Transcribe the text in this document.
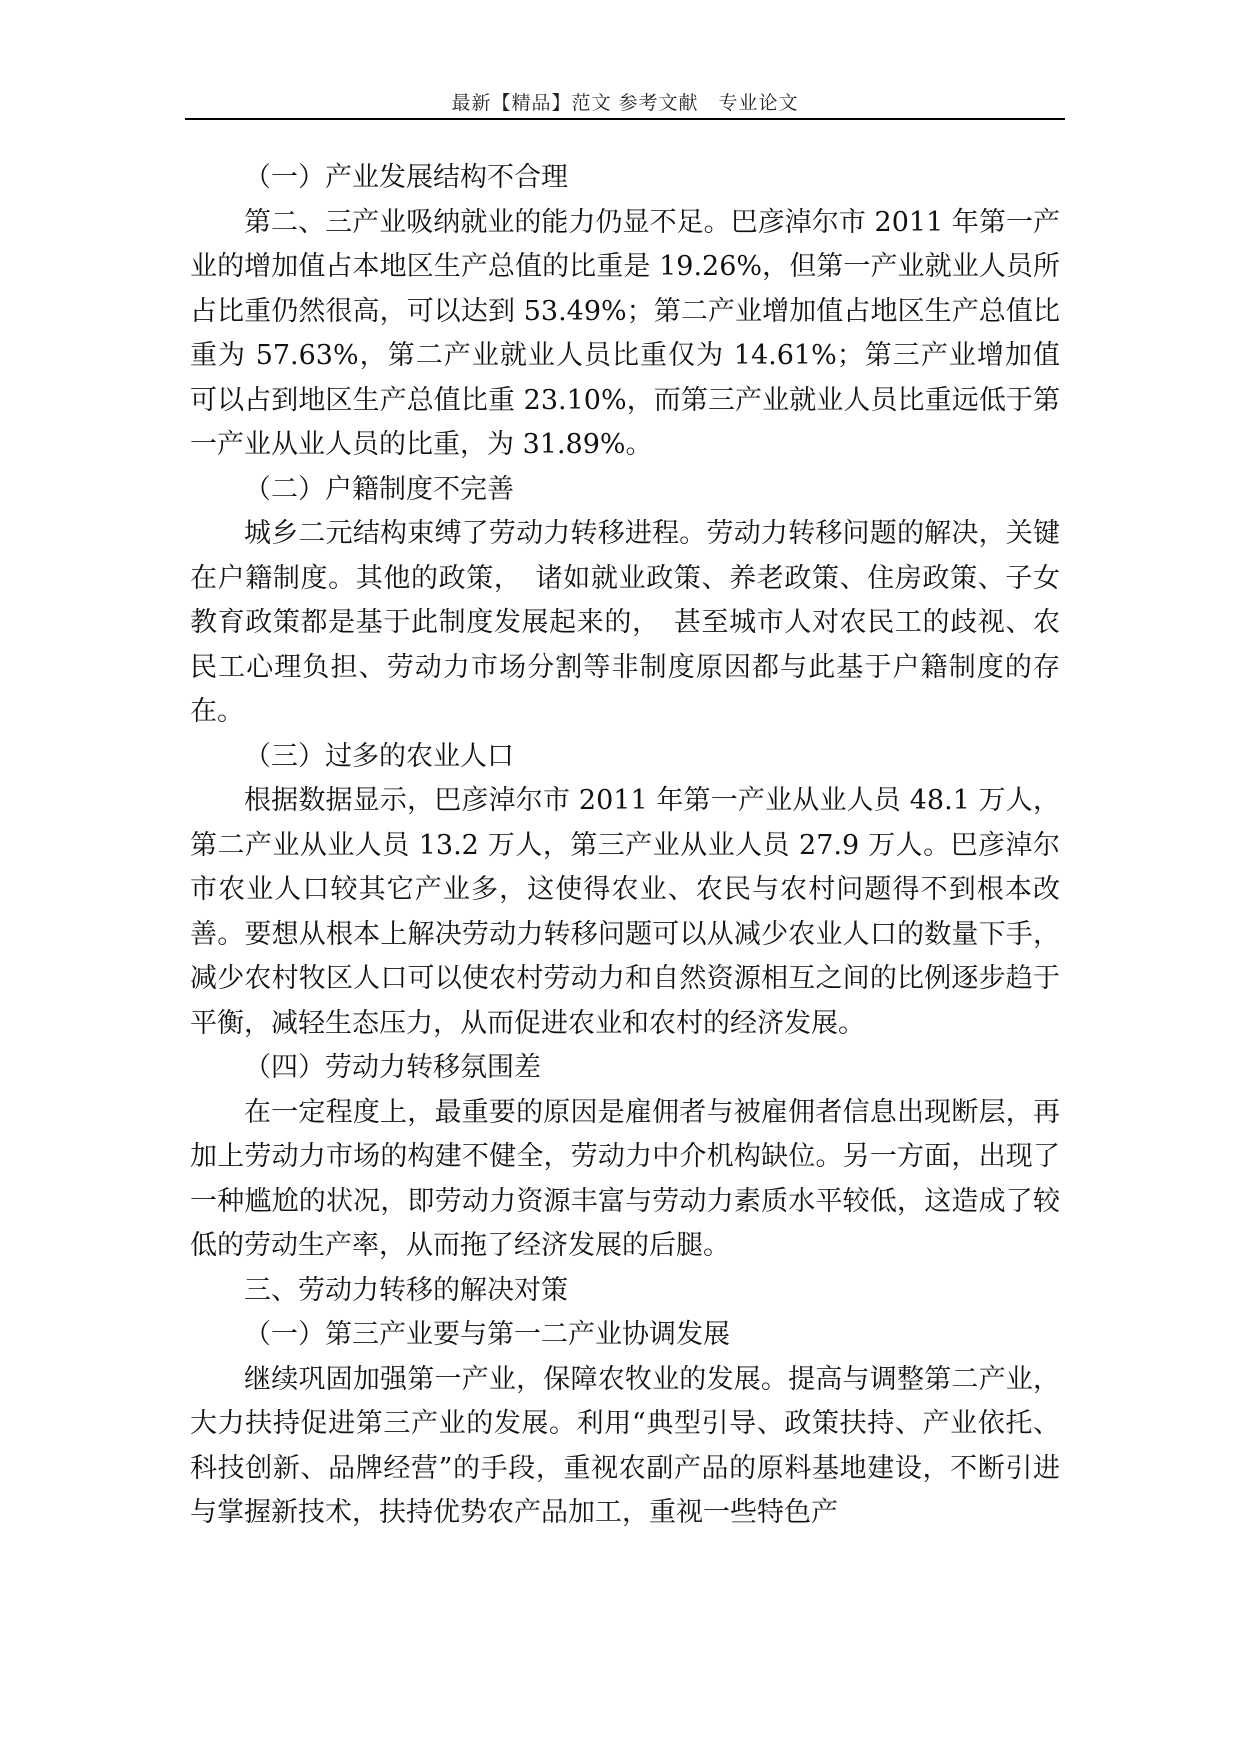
最新【精品】范文 参考文献　专业论文

（一）产业发展结构不合理

第二、三产业吸纳就业的能力仍显不足。巴彦淖尔市 2011 年第一产业的增加值占本地区生产总值的比重是 19.26%，但第一产业就业人员所占比重仍然很高，可以达到 53.49%；第二产业增加值占地区生产总值比重为 57.63%，第二产业就业人员比重仅为 14.61%；第三产业增加值可以占到地区生产总值比重 23.10%，而第三产业就业人员比重远低于第一产业从业人员的比重，为 31.89%。

（二）户籍制度不完善

城乡二元结构束缚了劳动力转移进程。劳动力转移问题的解决，关键在户籍制度。其他的政策，　诸如就业政策、养老政策、住房政策、子女教育政策都是基于此制度发展起来的，　甚至城市人对农民工的歧视、农民工心理负担、劳动力市场分割等非制度原因都与此基于户籍制度的存在。

（三）过多的农业人口

根据数据显示，巴彦淖尔市 2011 年第一产业从业人员 48.1 万人，第二产业从业人员 13.2 万人，第三产业从业人员 27.9 万人。巴彦淖尔市农业人口较其它产业多，这使得农业、农民与农村问题得不到根本改善。要想从根本上解决劳动力转移问题可以从减少农业人口的数量下手，减少农村牧区人口可以使农村劳动力和自然资源相互之间的比例逐步趋于平衡，减轻生态压力，从而促进农业和农村的经济发展。

（四）劳动力转移氛围差

在一定程度上，最重要的原因是雇佣者与被雇佣者信息出现断层，再加上劳动力市场的构建不健全，劳动力中介机构缺位。另一方面，出现了一种尴尬的状况，即劳动力资源丰富与劳动力素质水平较低，这造成了较低的劳动生产率，从而拖了经济发展的后腿。

三、劳动力转移的解决对策

（一）第三产业要与第一二产业协调发展

继续巩固加强第一产业，保障农牧业的发展。提高与调整第二产业，大力扶持促进第三产业的发展。利用“典型引导、政策扶持、产业依托、科技创新、品牌经营”的手段，重视农副产品的原料基地建设，不断引进与掌握新技术，扶持优势农产品加工，重视一些特色产
